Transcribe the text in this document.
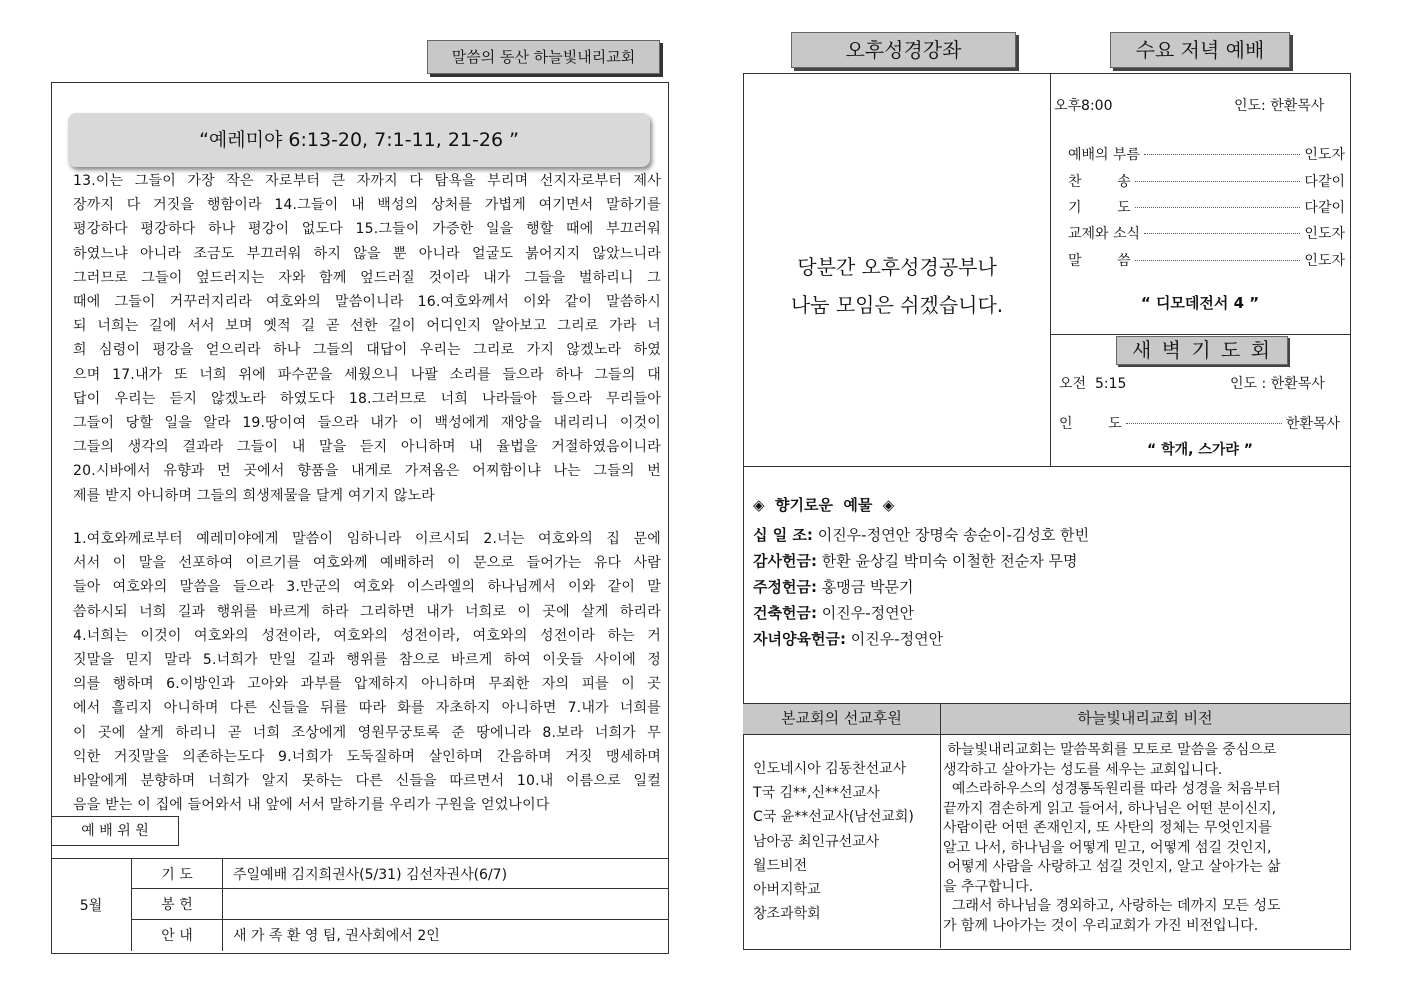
말씀의 동산 하늘빛내리교회
“예레미야 6:13-20, 7:1-11, 21-26 ”
13.이는 그들이 가장 작은 자로부터 큰 자까지 다 탐욕을 부리며 선지자로부터 제사
장까지 다 거짓을 행함이라 14.그들이 내 백성의 상처를 가볍게 여기면서 말하기를
평강하다 평강하다 하나 평강이 없도다 15.그들이 가증한 일을 행할 때에 부끄러워
하였느냐 아니라 조금도 부끄러워 하지 않을 뿐 아니라 얼굴도 붉어지지 않았느니라
그러므로 그들이 엎드러지는 자와 함께 엎드러질 것이라 내가 그들을 벌하리니 그
때에 그들이 거꾸러지리라 여호와의 말씀이니라 16.여호와께서 이와 같이 말씀하시
되 너희는 길에 서서 보며 옛적 길 곧 선한 길이 어디인지 알아보고 그리로 가라 너
희 심령이 평강을 얻으리라 하나 그들의 대답이 우리는 그리로 가지 않겠노라 하였
으며 17.내가 또 너희 위에 파수꾼을 세웠으니 나팔 소리를 들으라 하나 그들의 대
답이 우리는 듣지 않겠노라 하였도다 18.그러므로 너희 나라들아 들으라 무리들아
그들이 당할 일을 알라 19.땅이여 들으라 내가 이 백성에게 재앙을 내리리니 이것이
그들의 생각의 결과라 그들이 내 말을 듣지 아니하며 내 율법을 거절하였음이니라
20.시바에서 유향과 먼 곳에서 향품을 내게로 가져옴은 어찌함이냐 나는 그들의 번
제를 받지 아니하며 그들의 희생제물을 달게 여기지 않노라
1.여호와께로부터 예레미야에게 말씀이 임하니라 이르시되 2.너는 여호와의 집 문에
서서 이 말을 선포하여 이르기를 여호와께 예배하러 이 문으로 들어가는 유다 사람
들아 여호와의 말씀을 들으라 3.만군의 여호와 이스라엘의 하나님께서 이와 같이 말
씀하시되 너희 길과 행위를 바르게 하라 그리하면 내가 너희로 이 곳에 살게 하리라
4.너희는 이것이 여호와의 성전이라, 여호와의 성전이라, 여호와의 성전이라 하는 거
짓말을 믿지 말라 5.너희가 만일 길과 행위를 참으로 바르게 하여 이웃들 사이에 정
의를 행하며 6.이방인과 고아와 과부를 압제하지 아니하며 무죄한 자의 피를 이 곳
에서 흘리지 아니하며 다른 신들을 뒤를 따라 화를 자초하지 아니하면 7.내가 너희를
이 곳에 살게 하리니 곧 너희 조상에게 영원무궁토록 준 땅에니라 8.보라 너희가 무
익한 거짓말을 의존하는도다 9.너희가 도둑질하며 살인하며 간음하며 거짓 맹세하며
바알에게 분향하며 너희가 알지 못하는 다른 신들을 따르면서 10.내 이름으로 일컬
음을 받는 이 집에 들어와서 내 앞에 서서 말하기를 우리가 구원을 얻었나이다
예 배 위 원
5월	기 도	주일예배 김지희권사(5/31) 김선자권사(6/7)
	봉 헌	
	안 내	새 가 족 환 영 팀, 권사회에서 2인
오후성경강좌	수요 저녁 예배
당분간 오후성경공부나
나눔 모임은 쉬겠습니다.
오후8:00	인도: 한환목사
예배의 부름	인도자
찬        송	다같이
기        도	다같이
교제와 소식	인도자
말        씀	인도자
“ 디모데전서 4 ”
새 벽 기 도 회
오전  5:15	인도 : 한환목사
인        도	한환목사
“ 학개, 스가랴 ”
◈  향기로운  예물  ◈
십 일 조: 이진우-정연안 장명숙 송순이-김성호 한빈
감사헌금: 한환 윤상길 박미숙 이철한 전순자 무명
주정헌금: 홍맹금 박문기
건축헌금: 이진우-정연안
자녀양육헌금: 이진우-정연안
본교회의 선교후원	하늘빛내리교회 비전
인도네시아 김동찬선교사
T국 김**,신**선교사
C국 윤**선교사(남선교회)
남아공 최인규선교사
월드비전
아버지학교
창조과학회
하늘빛내리교회는 말씀목회를 모토로 말씀을 중심으로
생각하고 살아가는 성도를 세우는 교회입니다.
예스라하우스의 성경통독원리를 따라 성경을 처음부터
끝까지 겸손하게 읽고 들어서, 하나님은 어떤 분이신지,
사람이란 어떤 존재인지, 또 사탄의 정체는 무엇인지를
알고 나서, 하나님을 어떻게 믿고, 어떻게 섬길 것인지,
어떻게 사람을 사랑하고 섬길 것인지, 알고 살아가는 삶
을 추구합니다.
그래서 하나님을 경외하고, 사랑하는 데까지 모든 성도
가 함께 나아가는 것이 우리교회가 가진 비전입니다.
